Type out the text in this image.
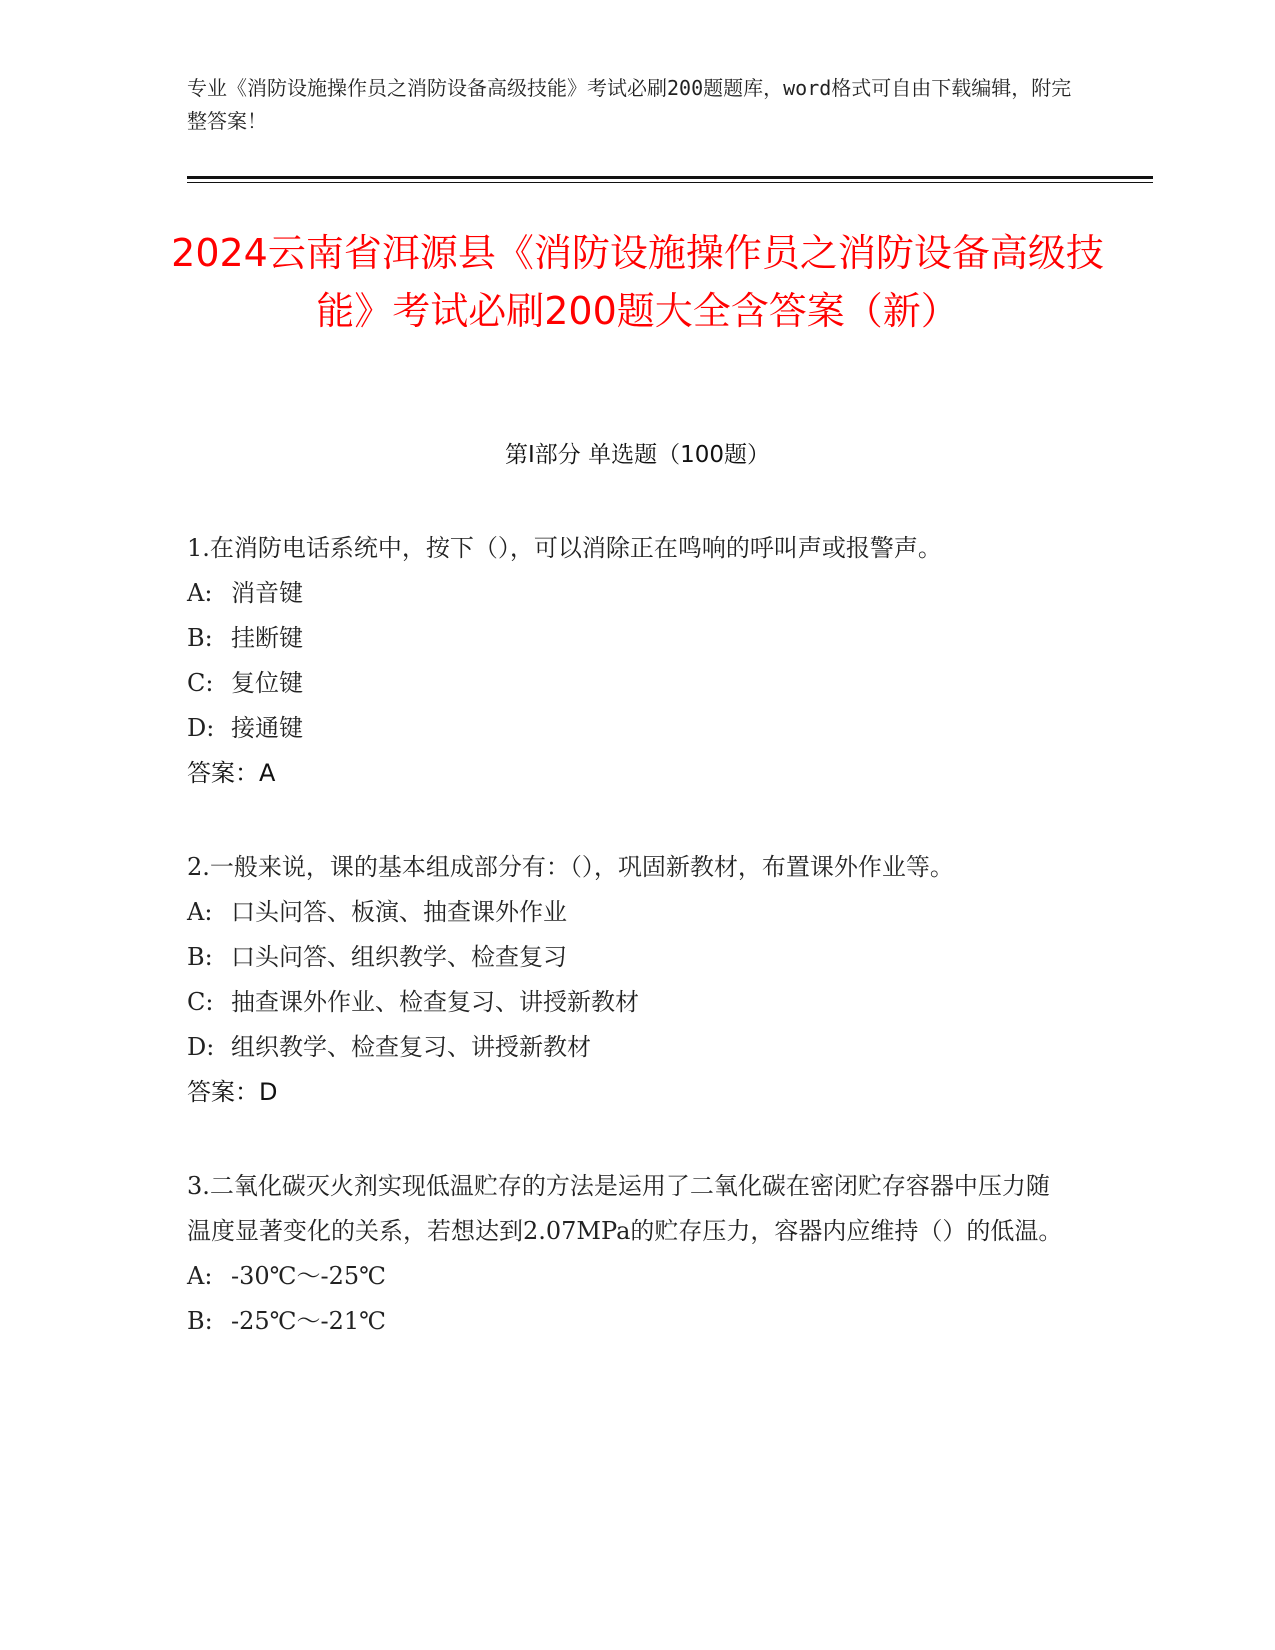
专业《消防设施操作员之消防设备高级技能》考试必刷200题题库，word格式可自由下载编辑，附完整答案！
2024云南省洱源县《消防设施操作员之消防设备高级技能》考试必刷200题大全含答案（新）
第I部分 单选题（100题）
1.在消防电话系统中，按下（），可以消除正在鸣响的呼叫声或报警声。
A: 消音键
B: 挂断键
C: 复位键
D: 接通键
答案：A
2.一般来说，课的基本组成部分有：（），巩固新教材，布置课外作业等。
A: 口头问答、板演、抽查课外作业
B: 口头问答、组织教学、检查复习
C: 抽查课外作业、检查复习、讲授新教材
D: 组织教学、检查复习、讲授新教材
答案：D
3.二氧化碳灭火剂实现低温贮存的方法是运用了二氧化碳在密闭贮存容器中压力随温度显著变化的关系，若想达到2.07MPa的贮存压力，容器内应维持（）的低温。
A: -30℃～-25℃
B: -25℃～-21℃
